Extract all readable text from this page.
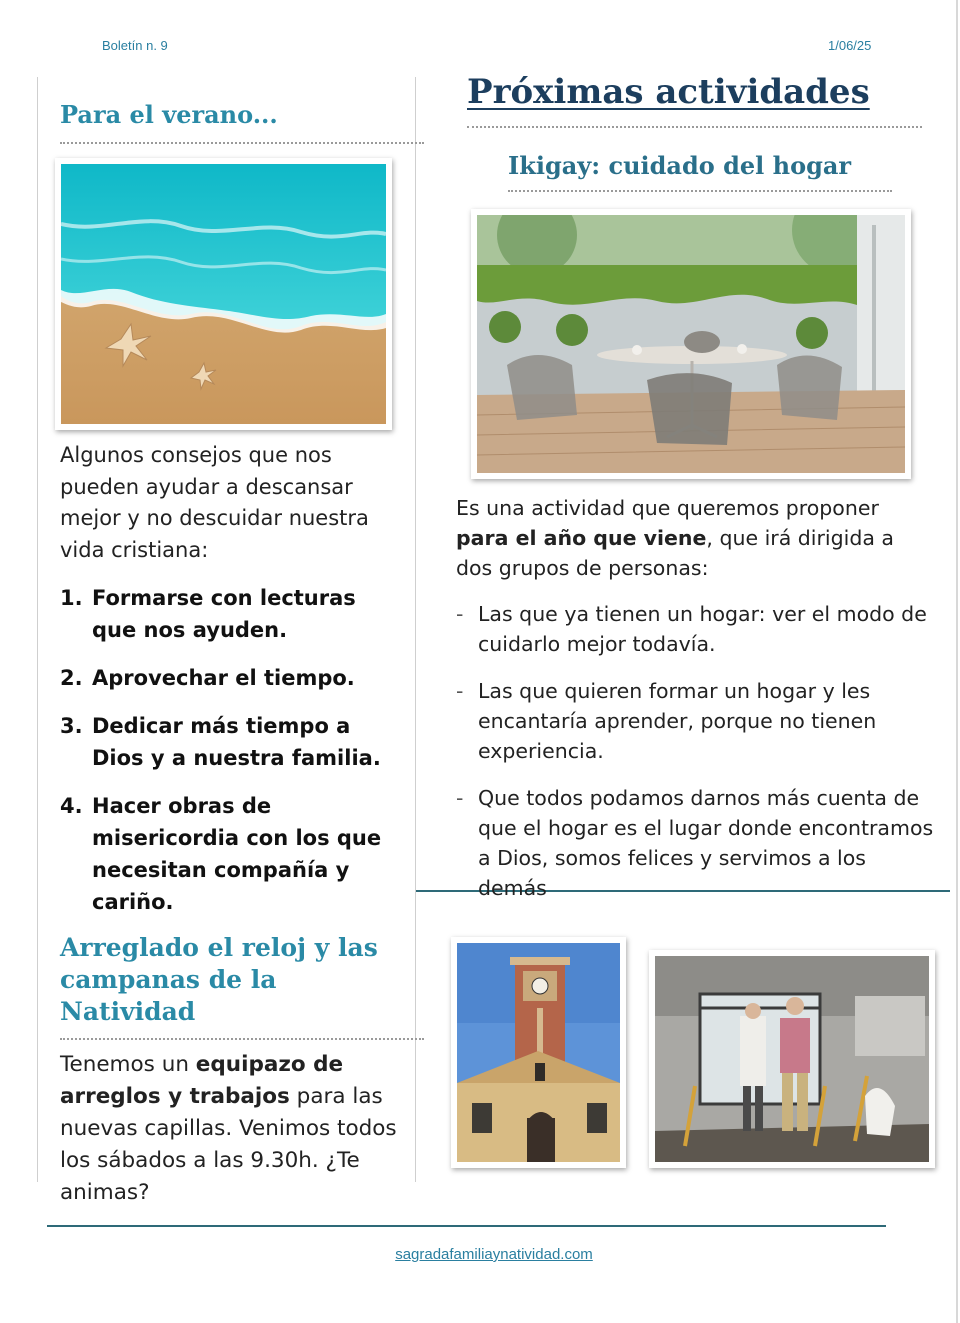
Boletín n. 9	1/06/25
Para el verano...
Algunos consejos que nos pueden ayudar a descansar mejor y no descuidar nuestra vida cristiana:
1. Formarse con lecturas que nos ayuden.
2. Aprovechar el tiempo.
3. Dedicar más tiempo a Dios y a nuestra familia.
4. Hacer obras de misericordia con los que necesitan compañía y cariño.
Arreglado el reloj y las campanas de la Natividad
Tenemos un equipazo de arreglos y trabajos para las nuevas capillas. Venimos todos los sábados a las 9.30h. ¿Te animas?
Próximas actividades
Ikigay: cuidado del hogar
Es una actividad que queremos proponer para el año que viene, que irá dirigida a dos grupos de personas:
- Las que ya tienen un hogar: ver el modo de cuidarlo mejor todavía.
- Las que quieren formar un hogar y les encantaría aprender, porque no tienen experiencia.
- Que todos podamos darnos más cuenta de que el hogar es el lugar donde encontramos a Dios, somos felices y servimos a los demás
sagradafamiliaynatividad.com
